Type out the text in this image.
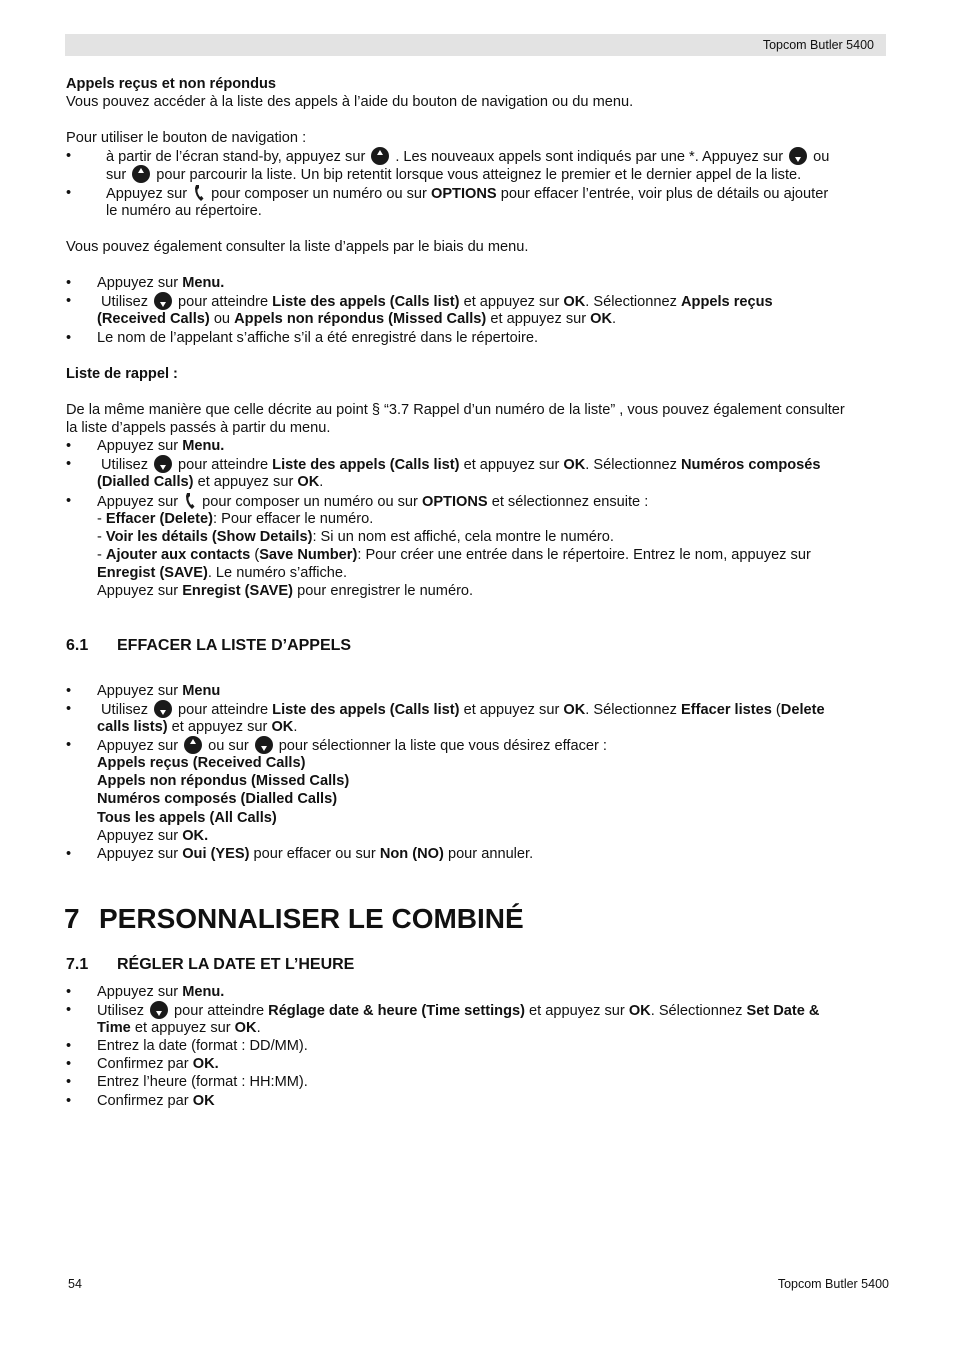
Topcom Butler 5400
Appels reçus et non répondus
Vous pouvez accéder à la liste des appels à l’aide du bouton de navigation ou du menu.
Pour utiliser le bouton de navigation :
• à partir de l’écran stand-by, appuyez sur . Les nouveaux appels sont indiqués par une *. Appuyez sur ou
sur pour parcourir la liste. Un bip retentit lorsque vous atteignez le premier et le dernier appel de la liste.
• Appuyez sur pour composer un numéro ou sur OPTIONS pour effacer l’entrée, voir plus de détails ou ajouter
le numéro au répertoire.
Vous pouvez également consulter la liste d’appels par le biais du menu.
• Appuyez sur Menu.
• Utilisez pour atteindre Liste des appels (Calls list) et appuyez sur OK. Sélectionnez Appels reçus
(Received Calls) ou Appels non répondus (Missed Calls) et appuyez sur OK.
• Le nom de l’appelant s’affiche s’il a été enregistré dans le répertoire.
Liste de rappel :
De la même manière que celle décrite au point § “3.7 Rappel d’un numéro de la liste” , vous pouvez également consulter
la liste d’appels passés à partir du menu.
• Appuyez sur Menu.
• Utilisez pour atteindre Liste des appels (Calls list) et appuyez sur OK. Sélectionnez Numéros composés
(Dialled Calls) et appuyez sur OK.
• Appuyez sur pour composer un numéro ou sur OPTIONS et sélectionnez ensuite :
- Effacer (Delete): Pour effacer le numéro.
- Voir les détails (Show Details): Si un nom est affiché, cela montre le numéro.
- Ajouter aux contacts (Save Number): Pour créer une entrée dans le répertoire. Entrez le nom, appuyez sur
Enregist (SAVE). Le numéro s’affiche.
Appuyez sur Enregist (SAVE) pour enregistrer le numéro.
6.1 EFFACER LA LISTE D’APPELS
• Appuyez sur Menu
• Utilisez pour atteindre Liste des appels (Calls list) et appuyez sur OK. Sélectionnez Effacer listes (Delete
calls lists) et appuyez sur OK.
• Appuyez sur ou sur pour sélectionner la liste que vous désirez effacer :
Appels reçus (Received Calls)
Appels non répondus (Missed Calls)
Numéros composés (Dialled Calls)
Tous les appels (All Calls)
Appuyez sur OK.
• Appuyez sur Oui (YES) pour effacer ou sur Non (NO) pour annuler.
7 PERSONNALISER LE COMBINÉ
7.1 RÉGLER LA DATE ET L’HEURE
• Appuyez sur Menu.
• Utilisez pour atteindre Réglage date & heure (Time settings) et appuyez sur OK. Sélectionnez Set Date &
Time et appuyez sur OK.
• Entrez la date (format : DD/MM).
• Confirmez par OK.
• Entrez l’heure (format : HH:MM).
• Confirmez par OK
54	Topcom Butler 5400
